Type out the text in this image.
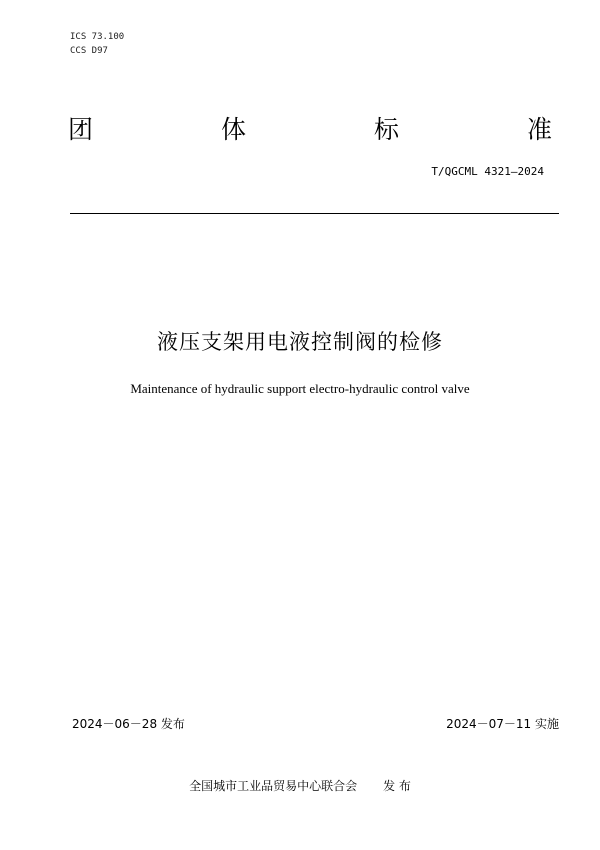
ICS 73.100
CCS D97
团	体	标	准
T/QGCML 4321—2024
液压支架用电液控制阀的检修
Maintenance of hydraulic support electro-hydraulic control valve
2024－06－28 发布	2024－07－11 实施
全国城市工业品贸易中心联合会 发 布
